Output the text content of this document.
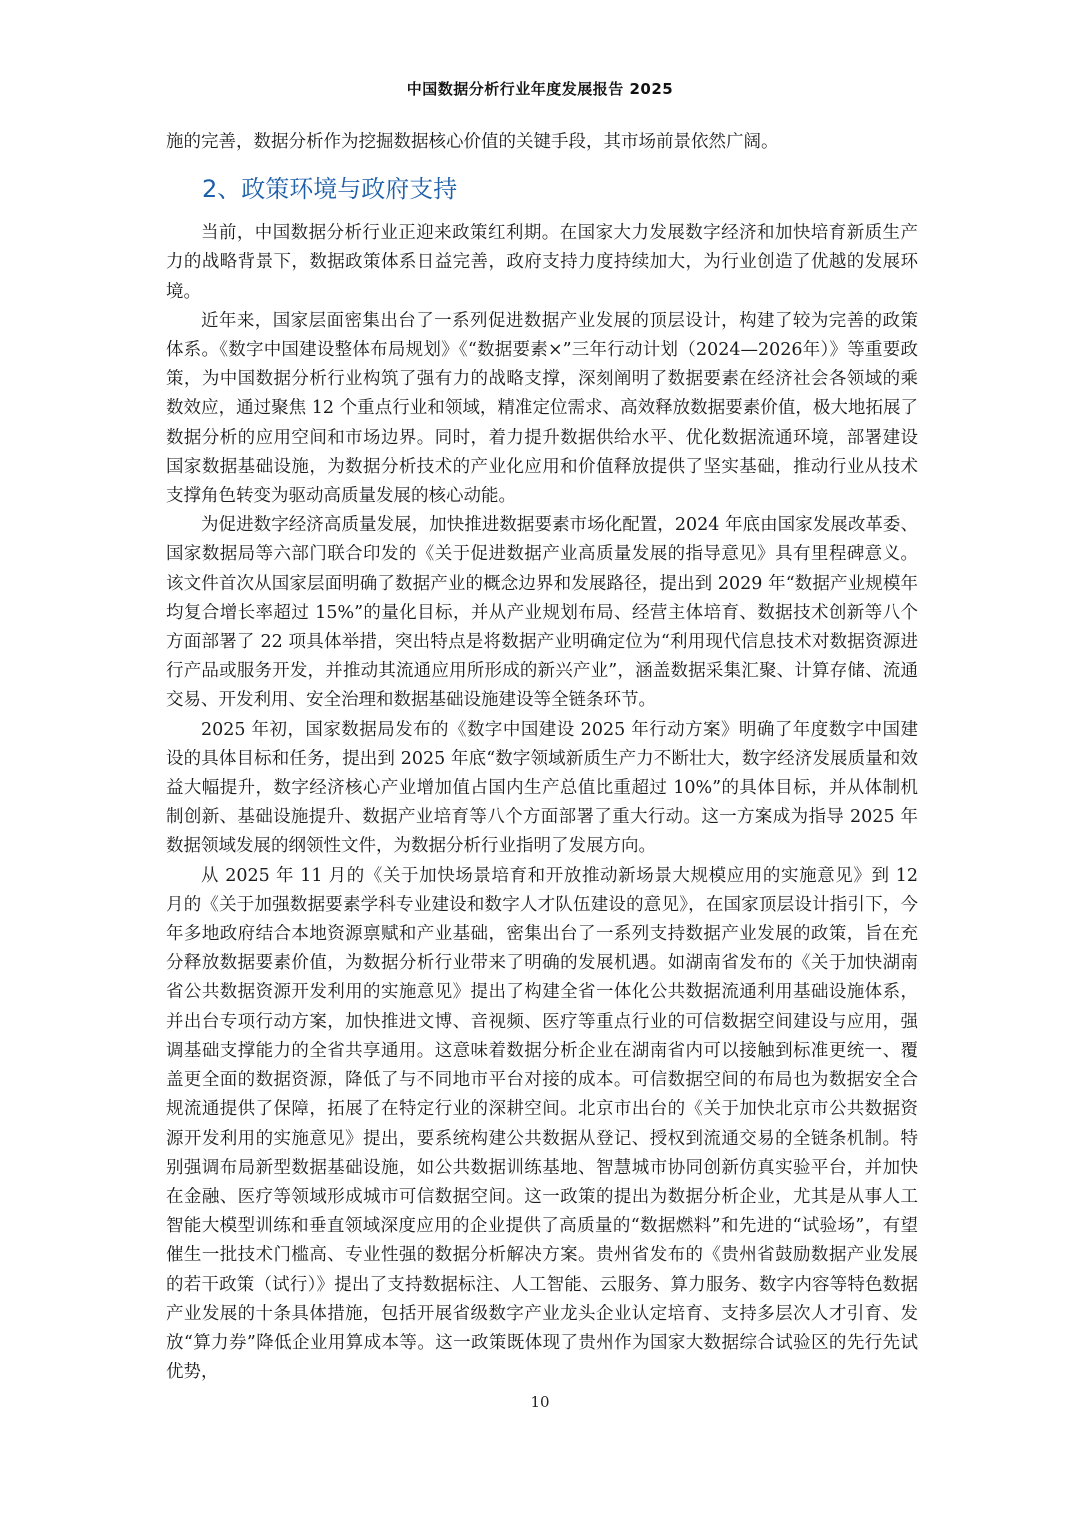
中国数据分析行业年度发展报告 2025

施的完善，数据分析作为挖掘数据核心价值的关键手段，其市场前景依然广阔。

2、政策环境与政府支持

当前，中国数据分析行业正迎来政策红利期。在国家大力发展数字经济和加快培育新质生产力的战略背景下，数据政策体系日益完善，政府支持力度持续加大，为行业创造了优越的发展环境。

近年来，国家层面密集出台了一系列促进数据产业发展的顶层设计，构建了较为完善的政策体系。《数字中国建设整体布局规划》《“数据要素×”三年行动计划（2024—2026年）》等重要政策，为中国数据分析行业构筑了强有力的战略支撑，深刻阐明了数据要素在经济社会各领域的乘数效应，通过聚焦 12 个重点行业和领域，精准定位需求、高效释放数据要素价值，极大地拓展了数据分析的应用空间和市场边界。同时，着力提升数据供给水平、优化数据流通环境，部署建设国家数据基础设施，为数据分析技术的产业化应用和价值释放提供了坚实基础，推动行业从技术支撑角色转变为驱动高质量发展的核心动能。

为促进数字经济高质量发展，加快推进数据要素市场化配置，2024 年底由国家发展改革委、国家数据局等六部门联合印发的《关于促进数据产业高质量发展的指导意见》具有里程碑意义。该文件首次从国家层面明确了数据产业的概念边界和发展路径，提出到 2029 年“数据产业规模年均复合增长率超过 15%”的量化目标，并从产业规划布局、经营主体培育、数据技术创新等八个方面部署了 22 项具体举措，突出特点是将数据产业明确定位为“利用现代信息技术对数据资源进行产品或服务开发，并推动其流通应用所形成的新兴产业”，涵盖数据采集汇聚、计算存储、流通交易、开发利用、安全治理和数据基础设施建设等全链条环节。

2025 年初，国家数据局发布的《数字中国建设 2025 年行动方案》明确了年度数字中国建设的具体目标和任务，提出到 2025 年底“数字领域新质生产力不断壮大，数字经济发展质量和效益大幅提升，数字经济核心产业增加值占国内生产总值比重超过 10%”的具体目标，并从体制机制创新、基础设施提升、数据产业培育等八个方面部署了重大行动。这一方案成为指导 2025 年数据领域发展的纲领性文件，为数据分析行业指明了发展方向。

从 2025 年 11 月的《关于加快场景培育和开放推动新场景大规模应用的实施意见》到 12 月的《关于加强数据要素学科专业建设和数字人才队伍建设的意见》，在国家顶层设计指引下，今年多地政府结合本地资源禀赋和产业基础，密集出台了一系列支持数据产业发展的政策，旨在充分释放数据要素价值，为数据分析行业带来了明确的发展机遇。如湖南省发布的《关于加快湖南省公共数据资源开发利用的实施意见》提出了构建全省一体化公共数据流通利用基础设施体系，并出台专项行动方案，加快推进文博、音视频、医疗等重点行业的可信数据空间建设与应用，强调基础支撑能力的全省共享通用。这意味着数据分析企业在湖南省内可以接触到标准更统一、覆盖更全面的数据资源，降低了与不同地市平台对接的成本。可信数据空间的布局也为数据安全合规流通提供了保障，拓展了在特定行业的深耕空间。北京市出台的《关于加快北京市公共数据资源开发利用的实施意见》提出，要系统构建公共数据从登记、授权到流通交易的全链条机制。特别强调布局新型数据基础设施，如公共数据训练基地、智慧城市协同创新仿真实验平台，并加快在金融、医疗等领域形成城市可信数据空间。这一政策的提出为数据分析企业，尤其是从事人工智能大模型训练和垂直领域深度应用的企业提供了高质量的“数据燃料”和先进的“试验场”，有望催生一批技术门槛高、专业性强的数据分析解决方案。贵州省发布的《贵州省鼓励数据产业发展的若干政策（试行）》提出了支持数据标注、人工智能、云服务、算力服务、数字内容等特色数据产业发展的十条具体措施，包括开展省级数字产业龙头企业认定培育、支持多层次人才引育、发放“算力券”降低企业用算成本等。这一政策既体现了贵州作为国家大数据综合试验区的先行先试优势，

10
